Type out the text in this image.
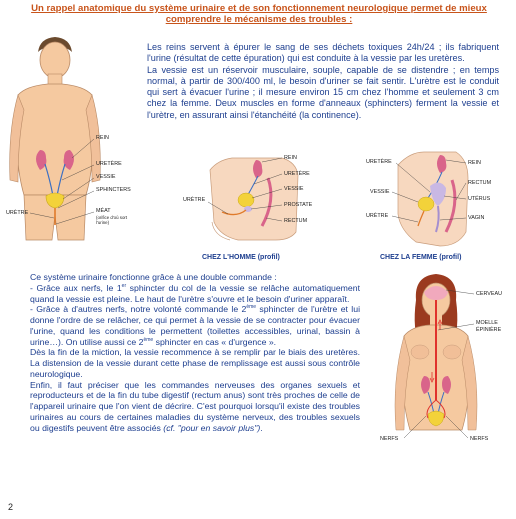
Un rappel anatomique du système urinaire et de son fonctionnement neurologique permet de mieux comprendre le mécanisme des troubles :

Les reins servent à épurer le sang de ses déchets toxiques 24h/24 ; ils fabriquent l'urine (résultat de cette épuration) qui est conduite à la vessie par les uretères.

La vessie est un réservoir musculaire, souple, capable de se distendre ; en temps normal, à partir de 300/400 ml, le besoin d'uriner se fait sentir. L'urètre est le conduit qui sert à évacuer l'urine ; il mesure environ 15 cm chez l'homme et seulement 3 cm chez la femme. Deux muscles en forme d'anneaux (sphincters) ferment la vessie et l'urètre, en assurant ainsi l'étanchéité (la continence).

REIN
URETÈRE
VESSIE
SPHINCTERS
URÈTRE	MÉAT
(orifice d'où sort l'urine)
REIN
URETÈRE
URÈTRE
VESSIE
PROSTATE
RECTUM
CHEZ L'HOMME (profil)
URETÈRE
VESSIE
URÈTRE
REIN
RECTUM
UTÉRUS
VAGIN
CHEZ LA FEMME (profil)
CERVEAU
MOELLE
ÉPINIÈRE
NERFS	NERFS

Ce système urinaire fonctionne grâce à une double commande :

- Grâce aux nerfs, le 1er sphincter du col de la vessie se relâche automatiquement quand la vessie est pleine. Le haut de l'urètre s'ouvre et le besoin d'uriner apparaît.

- Grâce à d'autres nerfs, notre volonté commande le 2ème sphincter de l'urètre et lui donne l'ordre de se relâcher, ce qui permet à la vessie de se contracter pour évacuer l'urine, quand les conditions le permettent (toilettes accessibles, urinal, bassin à urine…). On utilise aussi ce 2ème sphincter en cas « d'urgence ».

Dès la fin de la miction, la vessie recommence à se remplir par le biais des uretères. La distension de la vessie durant cette phase de remplissage est aussi sous contrôle neurologique.

Enfin, il faut préciser que les commandes nerveuses des organes sexuels et reproducteurs et de la fin du tube digestif (rectum anus) sont très proches de celle de l'appareil urinaire que l'on vient de décrire. C'est pourquoi lorsqu'il existe des troubles urinaires au cours de certaines maladies du système nerveux, des troubles sexuels ou digestifs peuvent être associés (cf. "pour en savoir plus").

2
